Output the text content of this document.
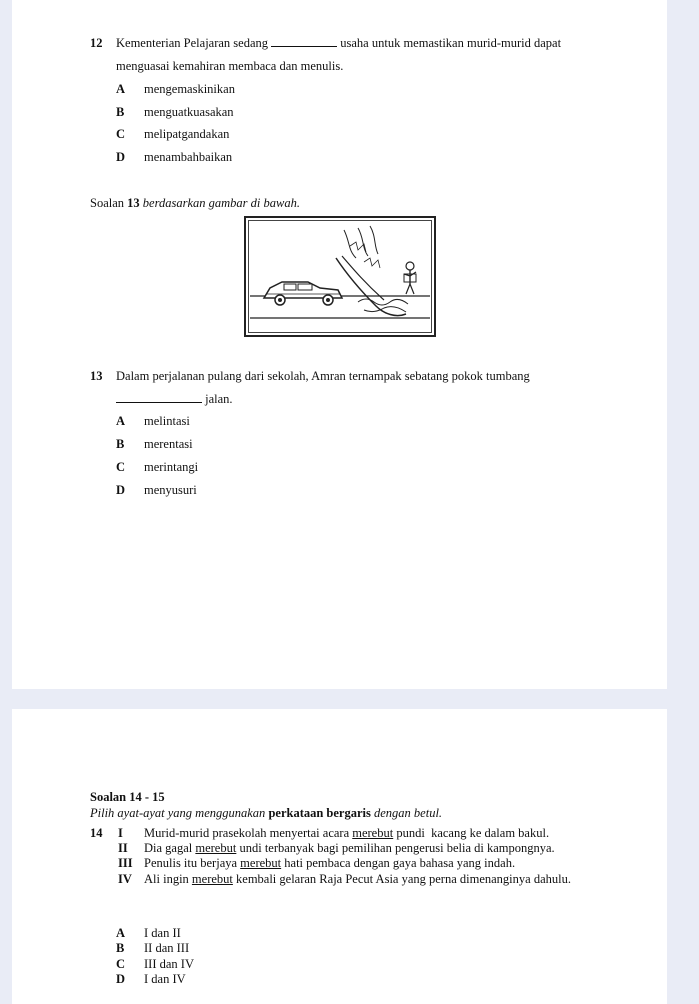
12 Kementerian Pelajaran sedang	usaha untuk memastikan murid-murid dapat
menguasai kemahiran membaca dan menulis.
A mengemaskinikan
B menguatkuasakan
C melipatgandakan
D menambahbaikan
Soalan 13 berdasarkan gambar di bawah.
13 Dalam perjalanan pulang dari sekolah, Amran ternampak sebatang pokok tumbang
jalan.
A melintasi
B merentasi
C merintangi
D menyusuri
Soalan 14 - 15
Pilih ayat-ayat yang menggunakan perkataan bergaris dengan betul.
14 I Murid-murid prasekolah menyertai acara merebut pundi  kacang ke dalam bakul.
II Dia gagal merebut undi terbanyak bagi pemilihan pengerusi belia di kampongnya.
III Penulis itu berjaya merebut hati pembaca dengan gaya bahasa yang indah.
IV Ali ingin merebut kembali gelaran Raja Pecut Asia yang perna dimenanginya dahulu.
A I dan II
B II dan III
C III dan IV
D I dan IV
